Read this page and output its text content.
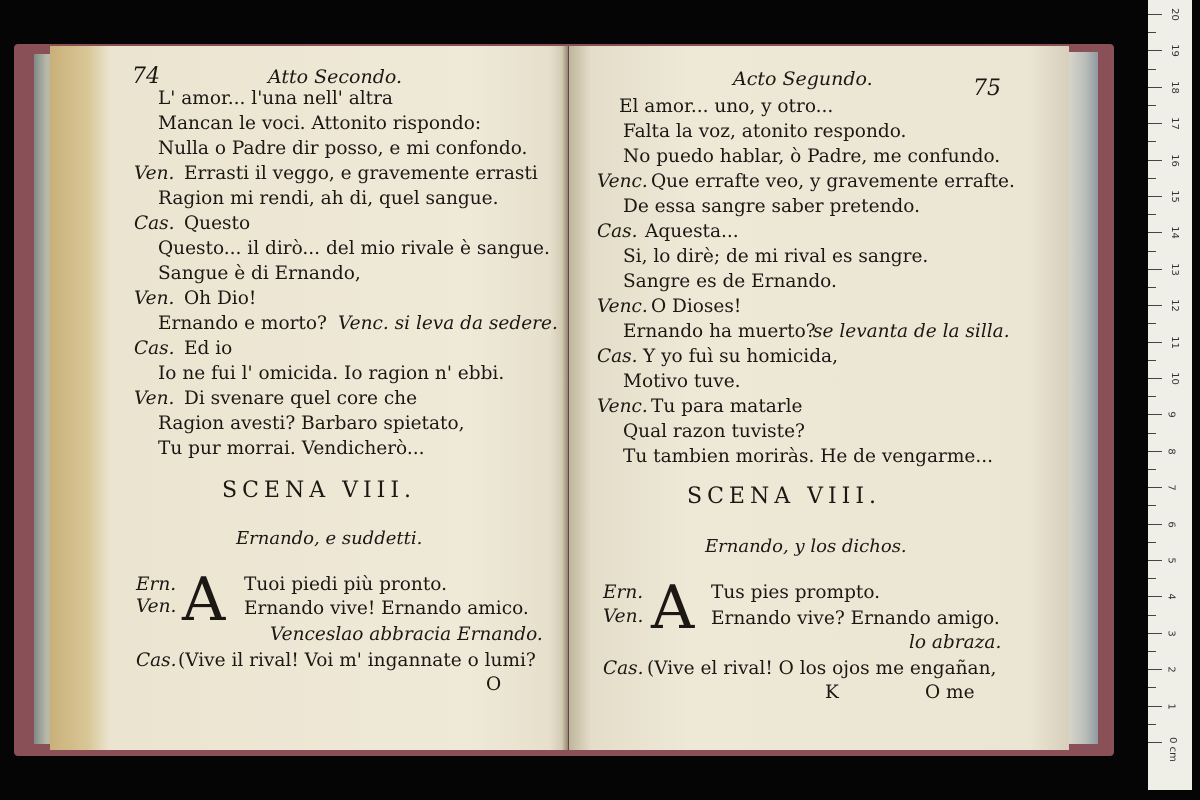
74	Atto Secondo.
L' amor... l'una nell' altra
Mancan le voci. Attonito rispondo:
Nulla o Padre dir posso, e mi confondo.
Ven. Errasti il veggo, e gravemente errasti
Ragion mi rendi, ah di, quel sangue.
Cas. Questo
Questo... il dirò... del mio rivale è sangue.
Sangue è di Ernando,
Ven. Oh Dio!
Ernando e morto? Venc. si leva da sedere.
Cas. Ed io
Io ne fui l' omicida. Io ragion n' ebbi.
Ven. Di svenare quel core che
Ragion avesti? Barbaro spietato,
Tu pur morrai. Vendicherò...
SCENA VIII.
Ernando, e suddetti.
Ern.
Ven. A Tuoi piedi più pronto.
Ernando vive! Ernando amico.
Venceslao abbracia Ernando.
Cas. (Vive il rival! Voi m' ingannate o lumi?
O
Acto Segundo.	75
El amor... uno, y otro...
Falta la voz, atonito respondo.
No puedo hablar, ò Padre, me confundo.
Venc. Que errafte veo, y gravemente errafte.
De essa sangre saber pretendo.
Cas. Aquesta...
Si, lo dirè; de mi rival es sangre.
Sangre es de Ernando.
Venc. O Dioses!
Ernando ha muerto?
se levanta de la silla.
Cas. Y yo fuì su homicida,
Motivo tuve.
Venc. Tu para matarle
Qual razon tuviste?
Tu tambien moriràs. He de vengarme...
SCENA VIII.
Ernando, y los dichos.
Ern.
Ven. A Tus pies prompto.
Ernando vive? Ernando amigo.
lo abraza.
Cas. (Vive el rival! O los ojos me engañan,
K	O me
0 cm
1
2
3
4
5
6
7
8
9
10
11
12
13
14
15
16
17
18
19
20
